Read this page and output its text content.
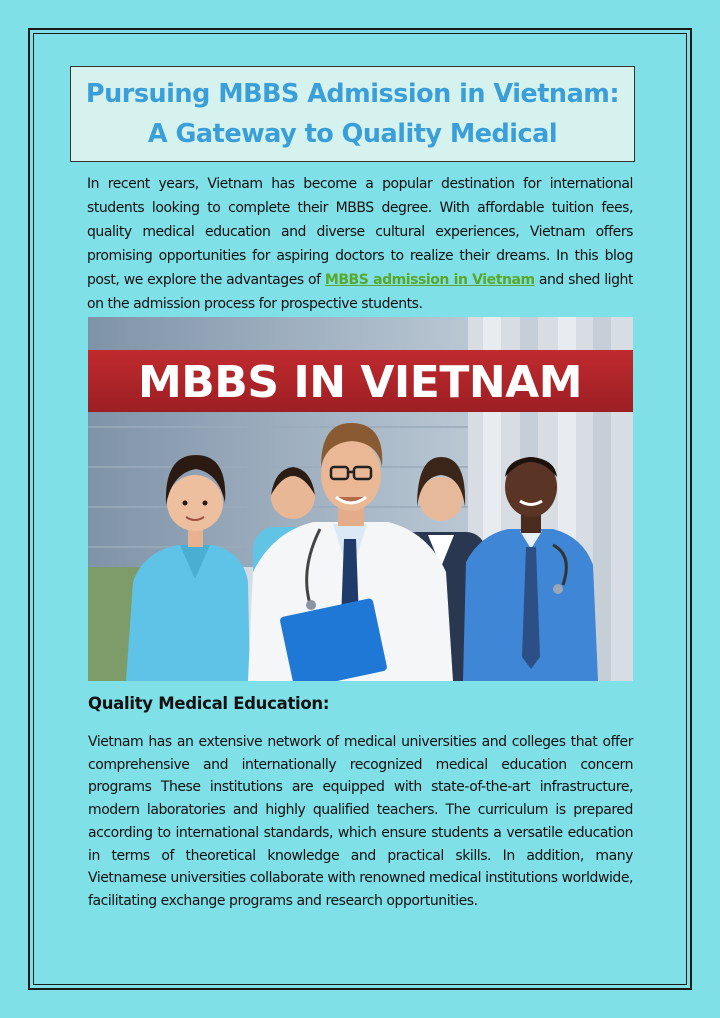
Pursuing MBBS Admission in Vietnam:
A Gateway to Quality Medical

In recent years, Vietnam has become a popular destination for international students looking to complete their MBBS degree. With affordable tuition fees, quality medical education and diverse cultural experiences, Vietnam offers promising opportunities for aspiring doctors to realize their dreams. In this blog post, we explore the advantages of MBBS admission in Vietnam and shed light on the admission process for prospective students.

MBBS IN VIETNAM
Quality Medical Education:

Vietnam has an extensive network of medical universities and colleges that offer comprehensive and internationally recognized medical education concern programs These institutions are equipped with state-of-the-art infrastructure, modern laboratories and highly qualified teachers. The curriculum is prepared according to international standards, which ensure students a versatile education in terms of theoretical knowledge and practical skills. In addition, many Vietnamese universities collaborate with renowned medical institutions worldwide, facilitating exchange programs and research opportunities.
